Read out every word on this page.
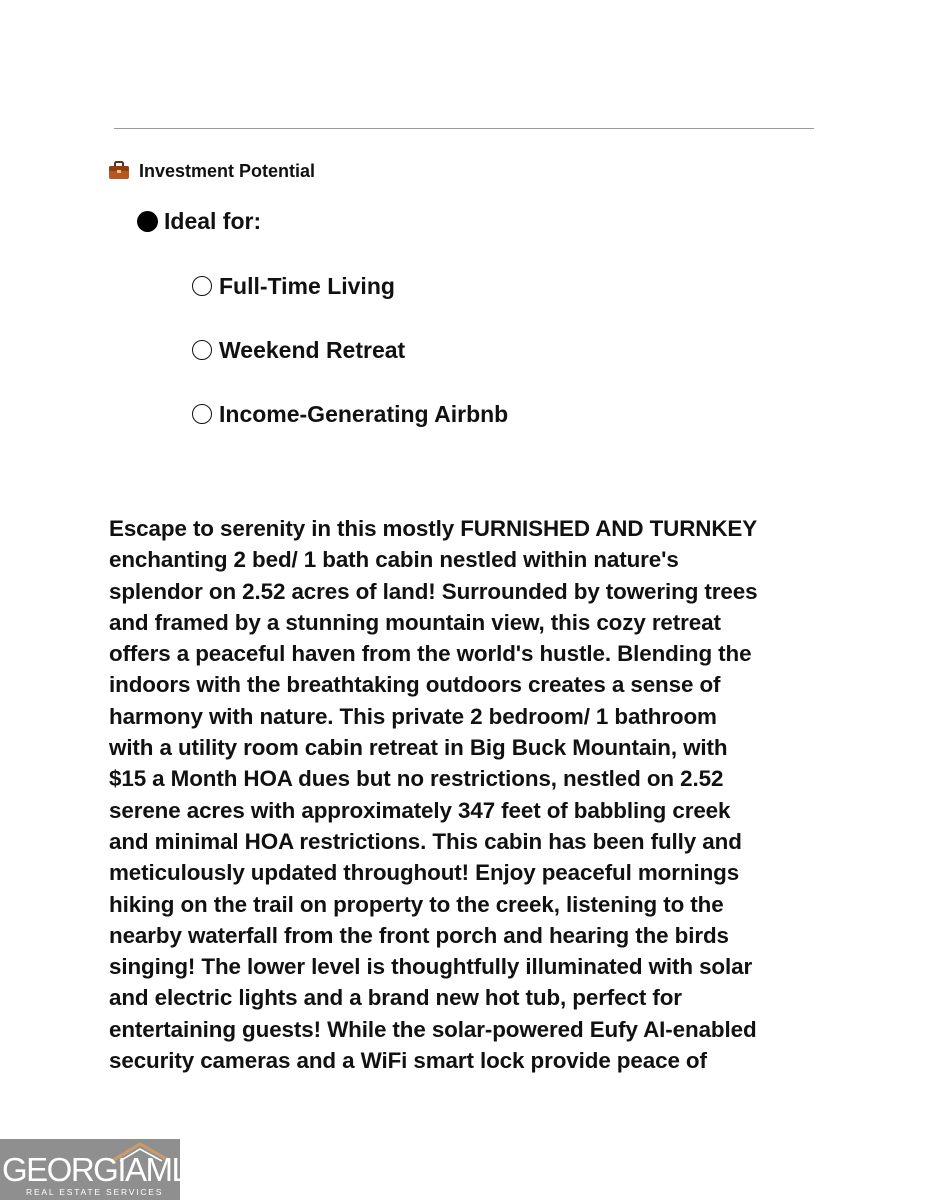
Investment Potential
Ideal for:
Full-Time Living
Weekend Retreat
Income-Generating Airbnb
Escape to serenity in this mostly FURNISHED AND TURNKEY
enchanting 2 bed/ 1 bath cabin nestled within nature's
splendor on 2.52 acres of land! Surrounded by towering trees
and framed by a stunning mountain view, this cozy retreat
offers a peaceful haven from the world's hustle. Blending the
indoors with the breathtaking outdoors creates a sense of
harmony with nature. This private 2 bedroom/ 1 bathroom
with a utility room cabin retreat in Big Buck Mountain, with
$15 a Month HOA dues but no restrictions, nestled on 2.52
serene acres with approximately 347 feet of babbling creek
and minimal HOA restrictions. This cabin has been fully and
meticulously updated throughout! Enjoy peaceful mornings
hiking on the trail on property to the creek, listening to the
nearby waterfall from the front porch and hearing the birds
singing! The lower level is thoughtfully illuminated with solar
and electric lights and a brand new hot tub, perfect for
entertaining guests! While the solar-powered Eufy AI-enabled
security cameras and a WiFi smart lock provide peace of
GEORGIAMLS
REAL ESTATE SERVICES
